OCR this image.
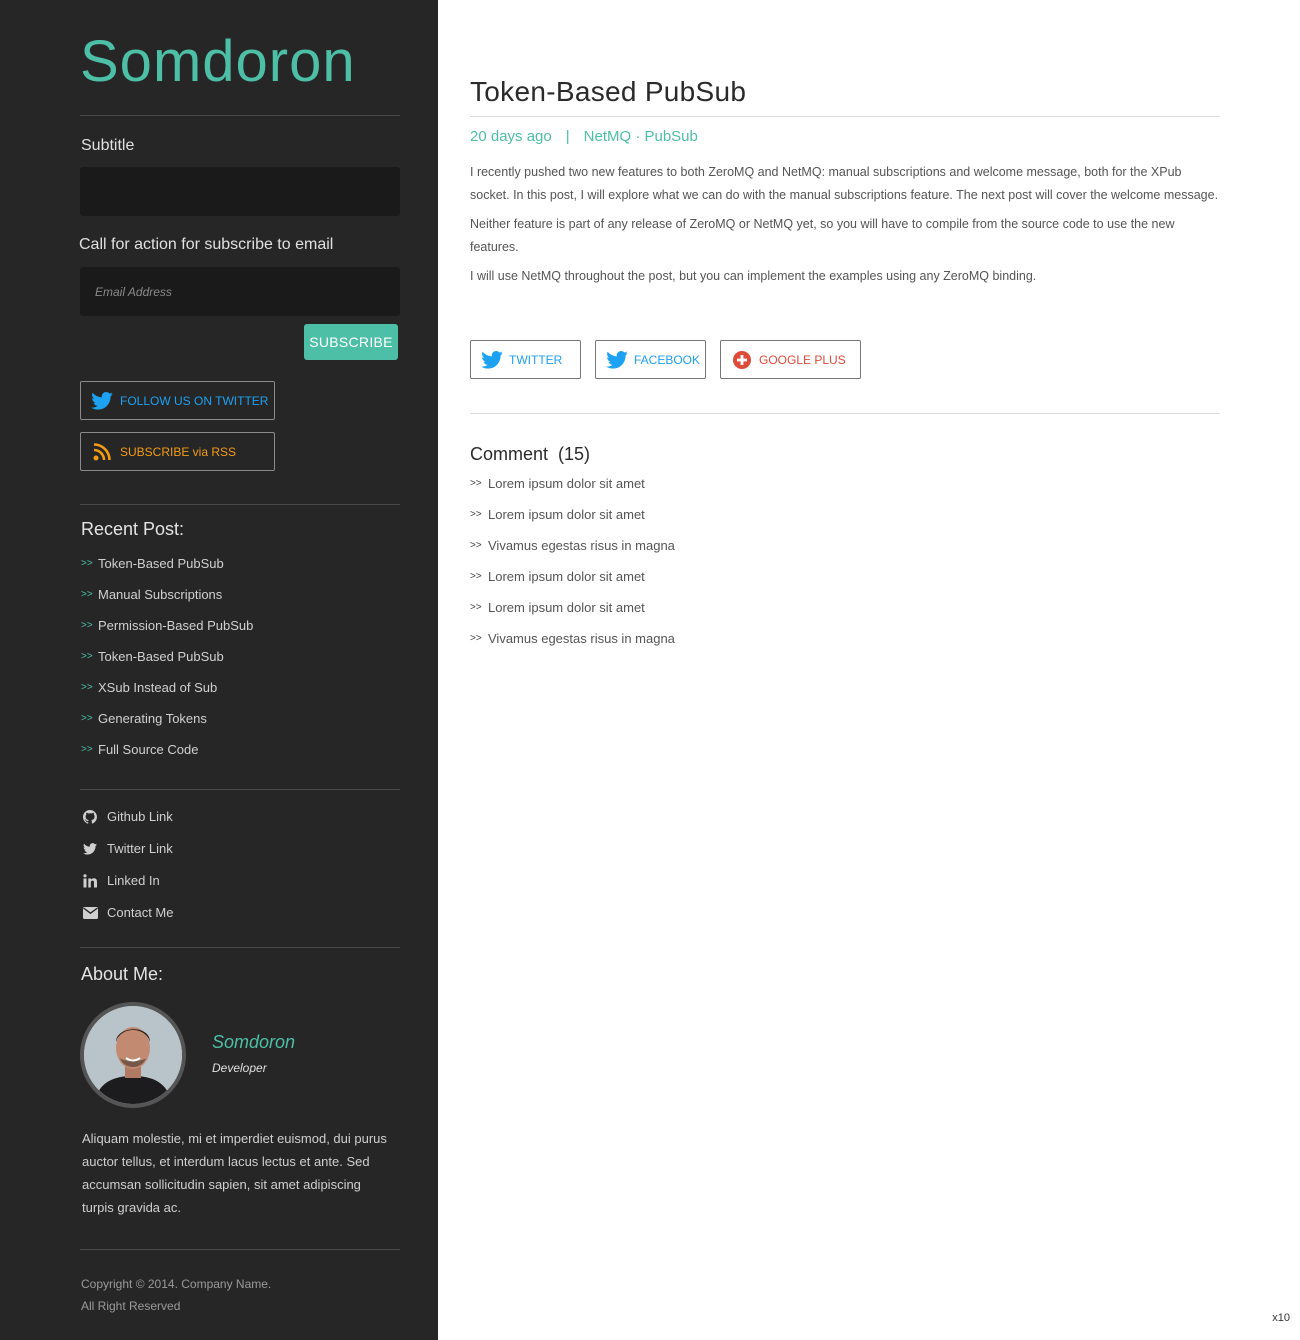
Somdoron
Subtitle
Call for action for subscribe to email
Email Address
SUBSCRIBE
FOLLOW US ON TWITTER
SUBSCRIBE via RSS
Recent Post:
>> Token-Based PubSub
>> Manual Subscriptions
>> Permission-Based PubSub
>> Token-Based PubSub
>> XSub Instead of Sub
>> Generating Tokens
>> Full Source Code
Github Link
Twitter Link
Linked In
Contact Me
About Me:
Somdoron
Developer

Aliquam molestie, mi et imperdiet euismod, dui purus auctor tellus, et interdum lacus lectus et ante. Sed accumsan sollicitudin sapien, sit amet adipiscing turpis gravida ac.

Copyright © 2014. Company Name.
All Right Reserved
Token-Based PubSub
20 days ago | NetMQ · PubSub

I recently pushed two new features to both ZeroMQ and NetMQ: manual subscriptions and welcome message, both for the XPub socket. In this post, I will explore what we can do with the manual subscriptions feature. The next post will cover the welcome message.

Neither feature is part of any release of ZeroMQ or NetMQ yet, so you will have to compile from the source code to use the new features.

I will use NetMQ throughout the post, but you can implement the examples using any ZeroMQ binding.

TWITTER	FACEBOOK	GOOGLE PLUS
Comment  (15)
>> Lorem ipsum dolor sit amet
>> Lorem ipsum dolor sit amet
>> Vivamus egestas risus in magna
>> Lorem ipsum dolor sit amet
>> Lorem ipsum dolor sit amet
>> Vivamus egestas risus in magna
x10
